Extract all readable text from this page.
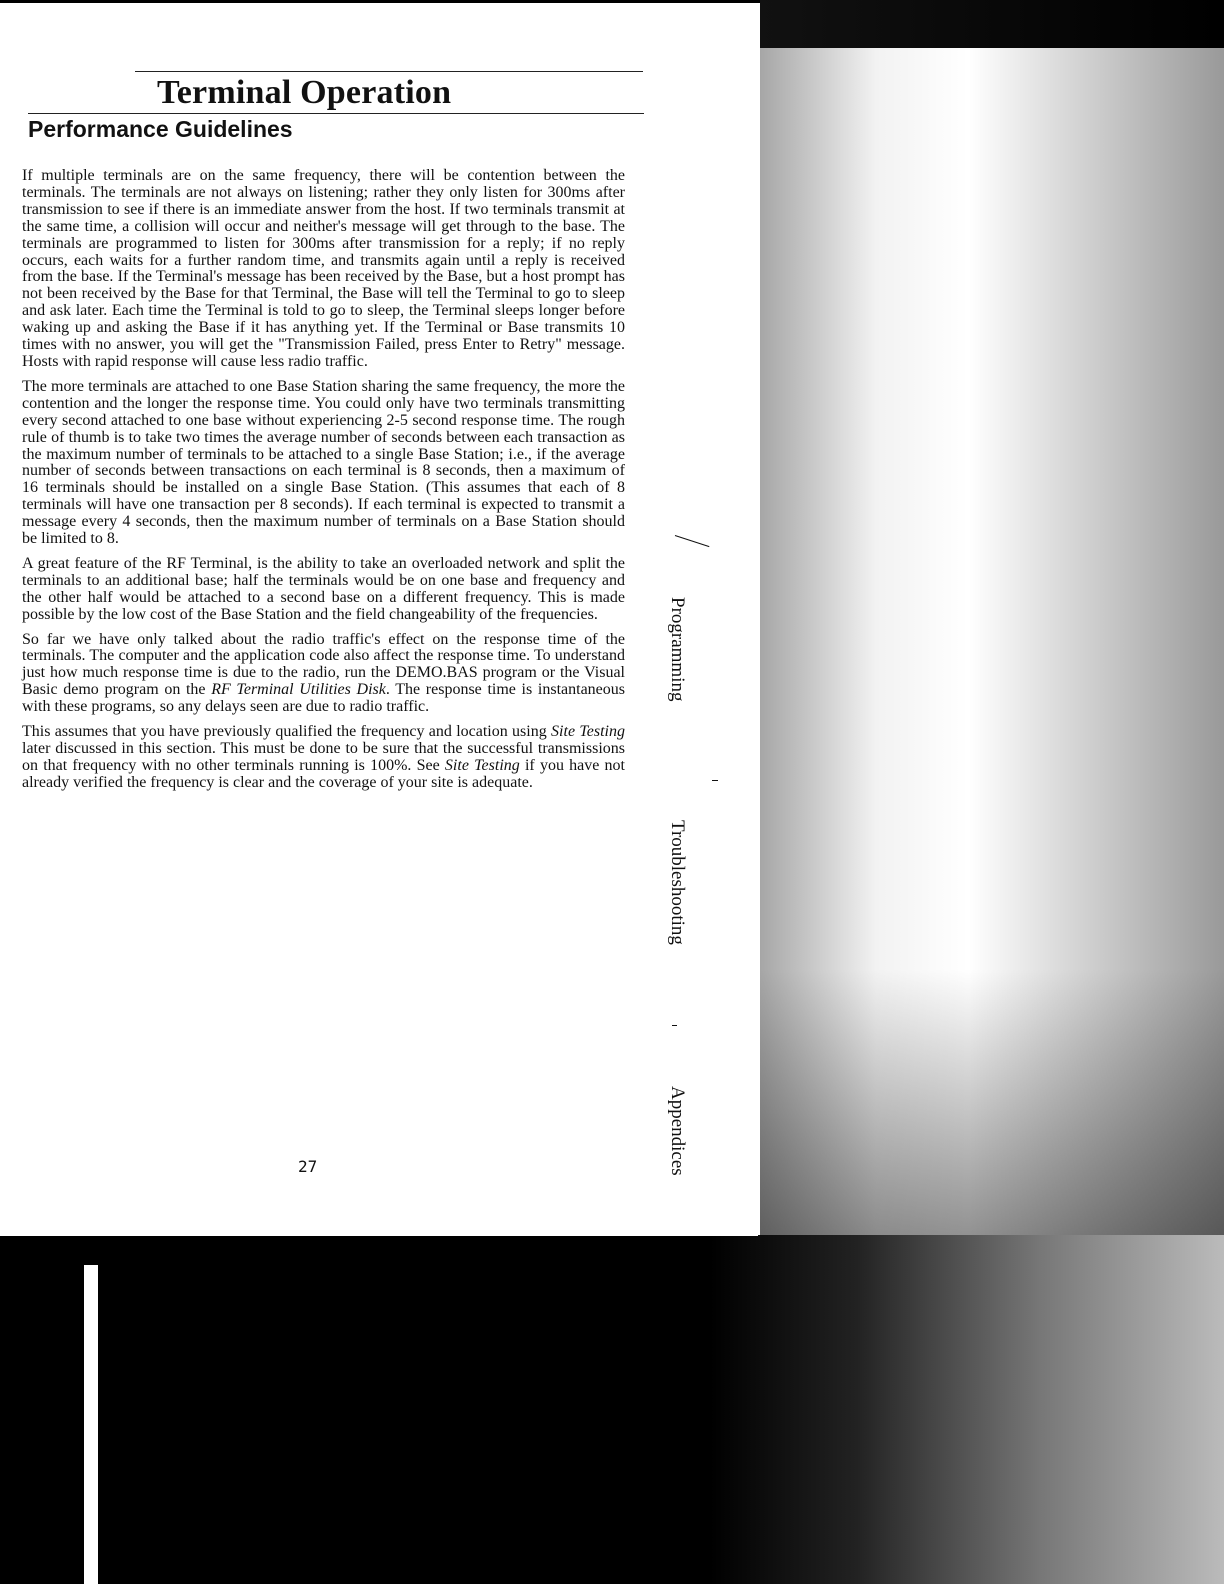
Terminal Operation
Performance Guidelines

If multiple terminals are on the same frequency, there will be contention between the terminals. The terminals are not always on listening; rather they only listen for 300ms after transmission to see if there is an immediate answer from the host. If two terminals transmit at the same time, a collision will occur and neither's message will get through to the base. The terminals are programmed to listen for 300ms after transmission for a reply; if no reply occurs, each waits for a further random time, and transmits again until a reply is received from the base. If the Terminal's message has been received by the Base, but a host prompt has not been received by the Base for that Terminal, the Base will tell the Terminal to go to sleep and ask later. Each time the Terminal is told to go to sleep, the Terminal sleeps longer before waking up and asking the Base if it has anything yet. If the Terminal or Base transmits 10 times with no answer, you will get the "Transmission Failed, press Enter to Retry" message. Hosts with rapid response will cause less radio traffic.

The more terminals are attached to one Base Station sharing the same frequency, the more the contention and the longer the response time. You could only have two terminals transmitting every second attached to one base without experiencing 2-5 second response time. The rough rule of thumb is to take two times the average number of seconds between each transaction as the maximum number of terminals to be attached to a single Base Station; i.e., if the average number of seconds between transactions on each terminal is 8 seconds, then a maximum of 16 terminals should be installed on a single Base Station. (This assumes that each of 8 terminals will have one transaction per 8 seconds). If each terminal is expected to transmit a message every 4 seconds, then the maximum number of terminals on a Base Station should be limited to 8.

A great feature of the RF Terminal, is the ability to take an overloaded network and split the terminals to an additional base; half the terminals would be on one base and frequency and the other half would be attached to a second base on a different frequency. This is made possible by the low cost of the Base Station and the field changeability of the frequencies.

So far we have only talked about the radio traffic's effect on the response time of the terminals. The computer and the application code also affect the response time. To understand just how much response time is due to the radio, run the DEMO.BAS program or the Visual Basic demo program on the RF Terminal Utilities Disk. The response time is instantaneous with these programs, so any delays seen are due to radio traffic.

This assumes that you have previously qualified the frequency and location using Site Testing later discussed in this section. This must be done to be sure that the successful transmissions on that frequency with no other terminals running is 100%. See Site Testing if you have not already verified the frequency is clear and the coverage of your site is adequate.

27
Programming
Troubleshooting
Appendices
